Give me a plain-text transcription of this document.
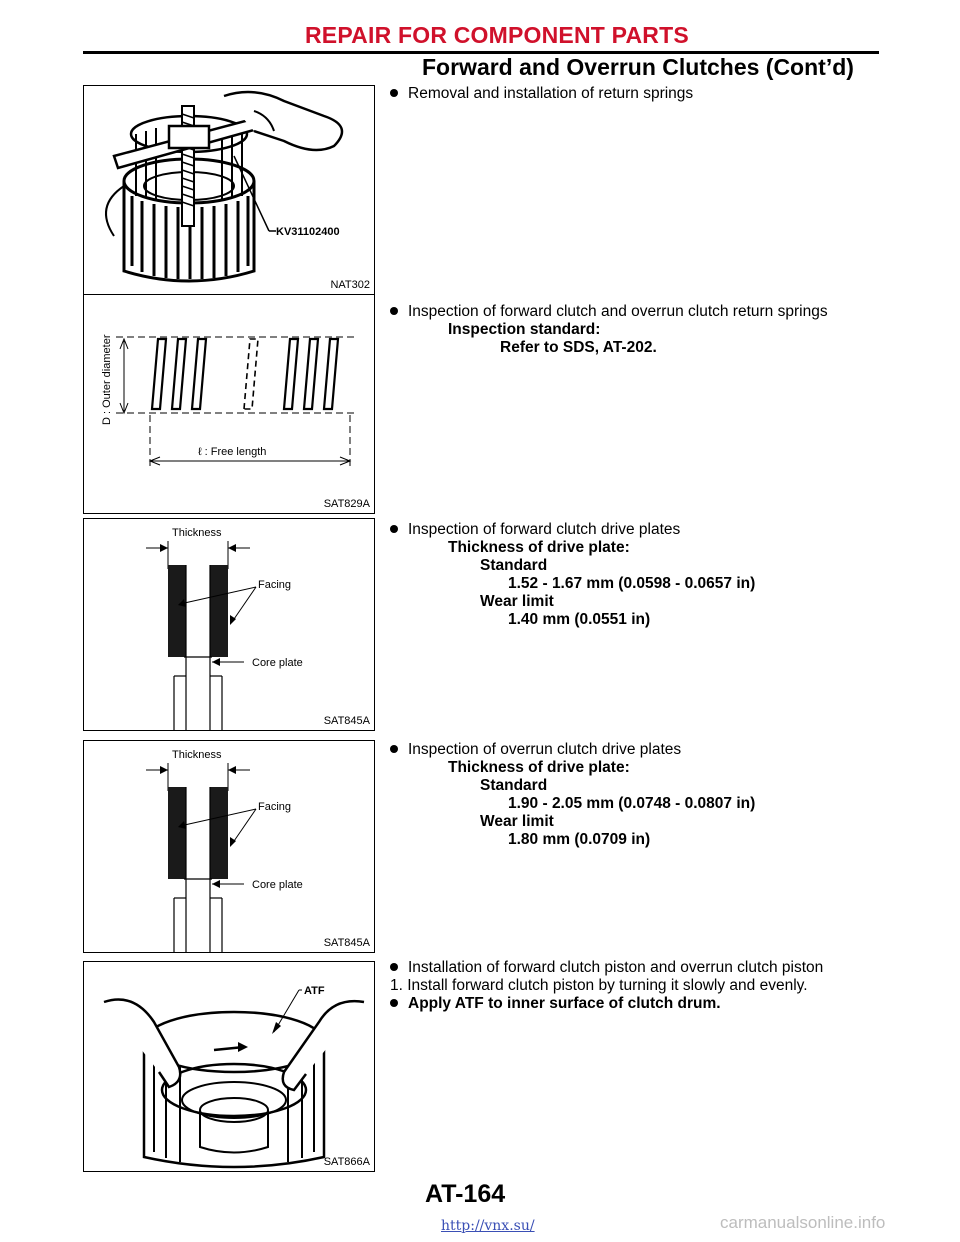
REPAIR FOR COMPONENT PARTS
Forward and Overrun Clutches (Cont’d)
KV31102400
NAT302
D : Outer diameter
ℓ : Free length
SAT829A
Thickness
Facing
Core plate
SAT845A
Thickness
Facing
Core plate
SAT845A
ATF
SAT866A
Removal and installation of return springs
Inspection of forward clutch and overrun clutch return springs
Inspection standard:
Refer to SDS, AT-202.
Inspection of forward clutch drive plates
Thickness of drive plate:
Standard
1.52 - 1.67 mm (0.0598 - 0.0657 in)
Wear limit
1.40 mm (0.0551 in)
Inspection of overrun clutch drive plates
Thickness of drive plate:
Standard
1.90 - 2.05 mm (0.0748 - 0.0807 in)
Wear limit
1.80 mm (0.0709 in)
Installation of forward clutch piston and overrun clutch piston
1. Install forward clutch piston by turning it slowly and evenly.
Apply ATF to inner surface of clutch drum.
AT-164
http://vnx.su/	carmanualsonline.info
